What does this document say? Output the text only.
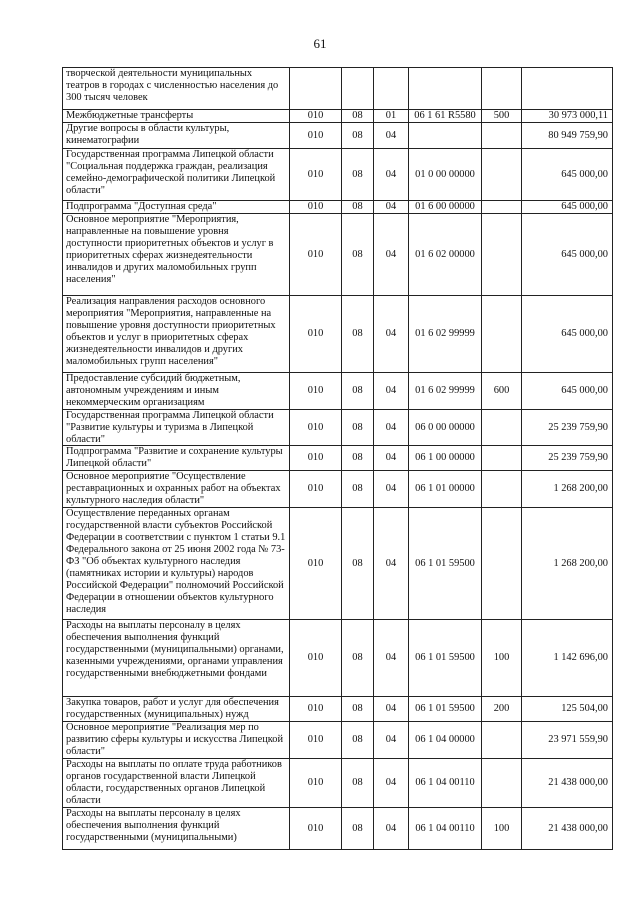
61
творческой деятельности муниципальных театров в городах с численностью населения до 300 тысяч человек						
Межбюджетные трансферты	010	08	01	06 1 61 R5580	500	30 973 000,11
Другие вопросы в области культуры, кинематографии	010	08	04			80 949 759,90
Государственная программа Липецкой области "Социальная поддержка граждан, реализация семейно-демографической политики Липецкой области"	010	08	04	01 0 00 00000		645 000,00
Подпрограмма "Доступная среда"	010	08	04	01 6 00 00000		645 000,00
Основное мероприятие "Мероприятия, направленные на повышение уровня доступности приоритетных объектов и услуг в приоритетных сферах жизнедеятельности инвалидов и других маломобильных групп населения"	010	08	04	01 6 02 00000		645 000,00
Реализация направления расходов основного мероприятия "Мероприятия, направленные на повышение уровня доступности приоритетных объектов и услуг в приоритетных сферах жизнедеятельности инвалидов и других маломобильных групп населения"	010	08	04	01 6 02 99999		645 000,00
Предоставление субсидий бюджетным, автономным учреждениям и иным некоммерческим организациям	010	08	04	01 6 02 99999	600	645 000,00
Государственная программа Липецкой области "Развитие культуры и туризма в Липецкой области"	010	08	04	06 0 00 00000		25 239 759,90
Подпрограмма "Развитие и сохранение культуры Липецкой области"	010	08	04	06 1 00 00000		25 239 759,90
Основное мероприятие "Осуществление реставрационных и охранных работ на объектах культурного наследия области"	010	08	04	06 1 01 00000		1 268 200,00
Осуществление переданных органам государственной власти субъектов Российской Федерации в соответствии с пунктом 1 статьи 9.1 Федерального закона от 25 июня 2002 года № 73-ФЗ "Об объектах культурного наследия (памятниках истории и культуры) народов Российской Федерации" полномочий Российской Федерации в отношении объектов культурного наследия	010	08	04	06 1 01 59500		1 268 200,00
Расходы на выплаты персоналу в целях обеспечения выполнения функций государственными (муниципальными) органами, казенными учреждениями, органами управления государственными внебюджетными фондами	010	08	04	06 1 01 59500	100	1 142 696,00
Закупка товаров, работ и услуг для обеспечения государственных (муниципальных) нужд	010	08	04	06 1 01 59500	200	125 504,00
Основное мероприятие "Реализация мер по развитию сферы культуры и искусства Липецкой области"	010	08	04	06 1 04 00000		23 971 559,90
Расходы на выплаты по оплате труда работников органов государственной власти Липецкой области, государственных органов Липецкой области	010	08	04	06 1 04 00110		21 438 000,00
Расходы на выплаты персоналу в целях обеспечения выполнения функций государственными (муниципальными)	010	08	04	06 1 04 00110	100	21 438 000,00
